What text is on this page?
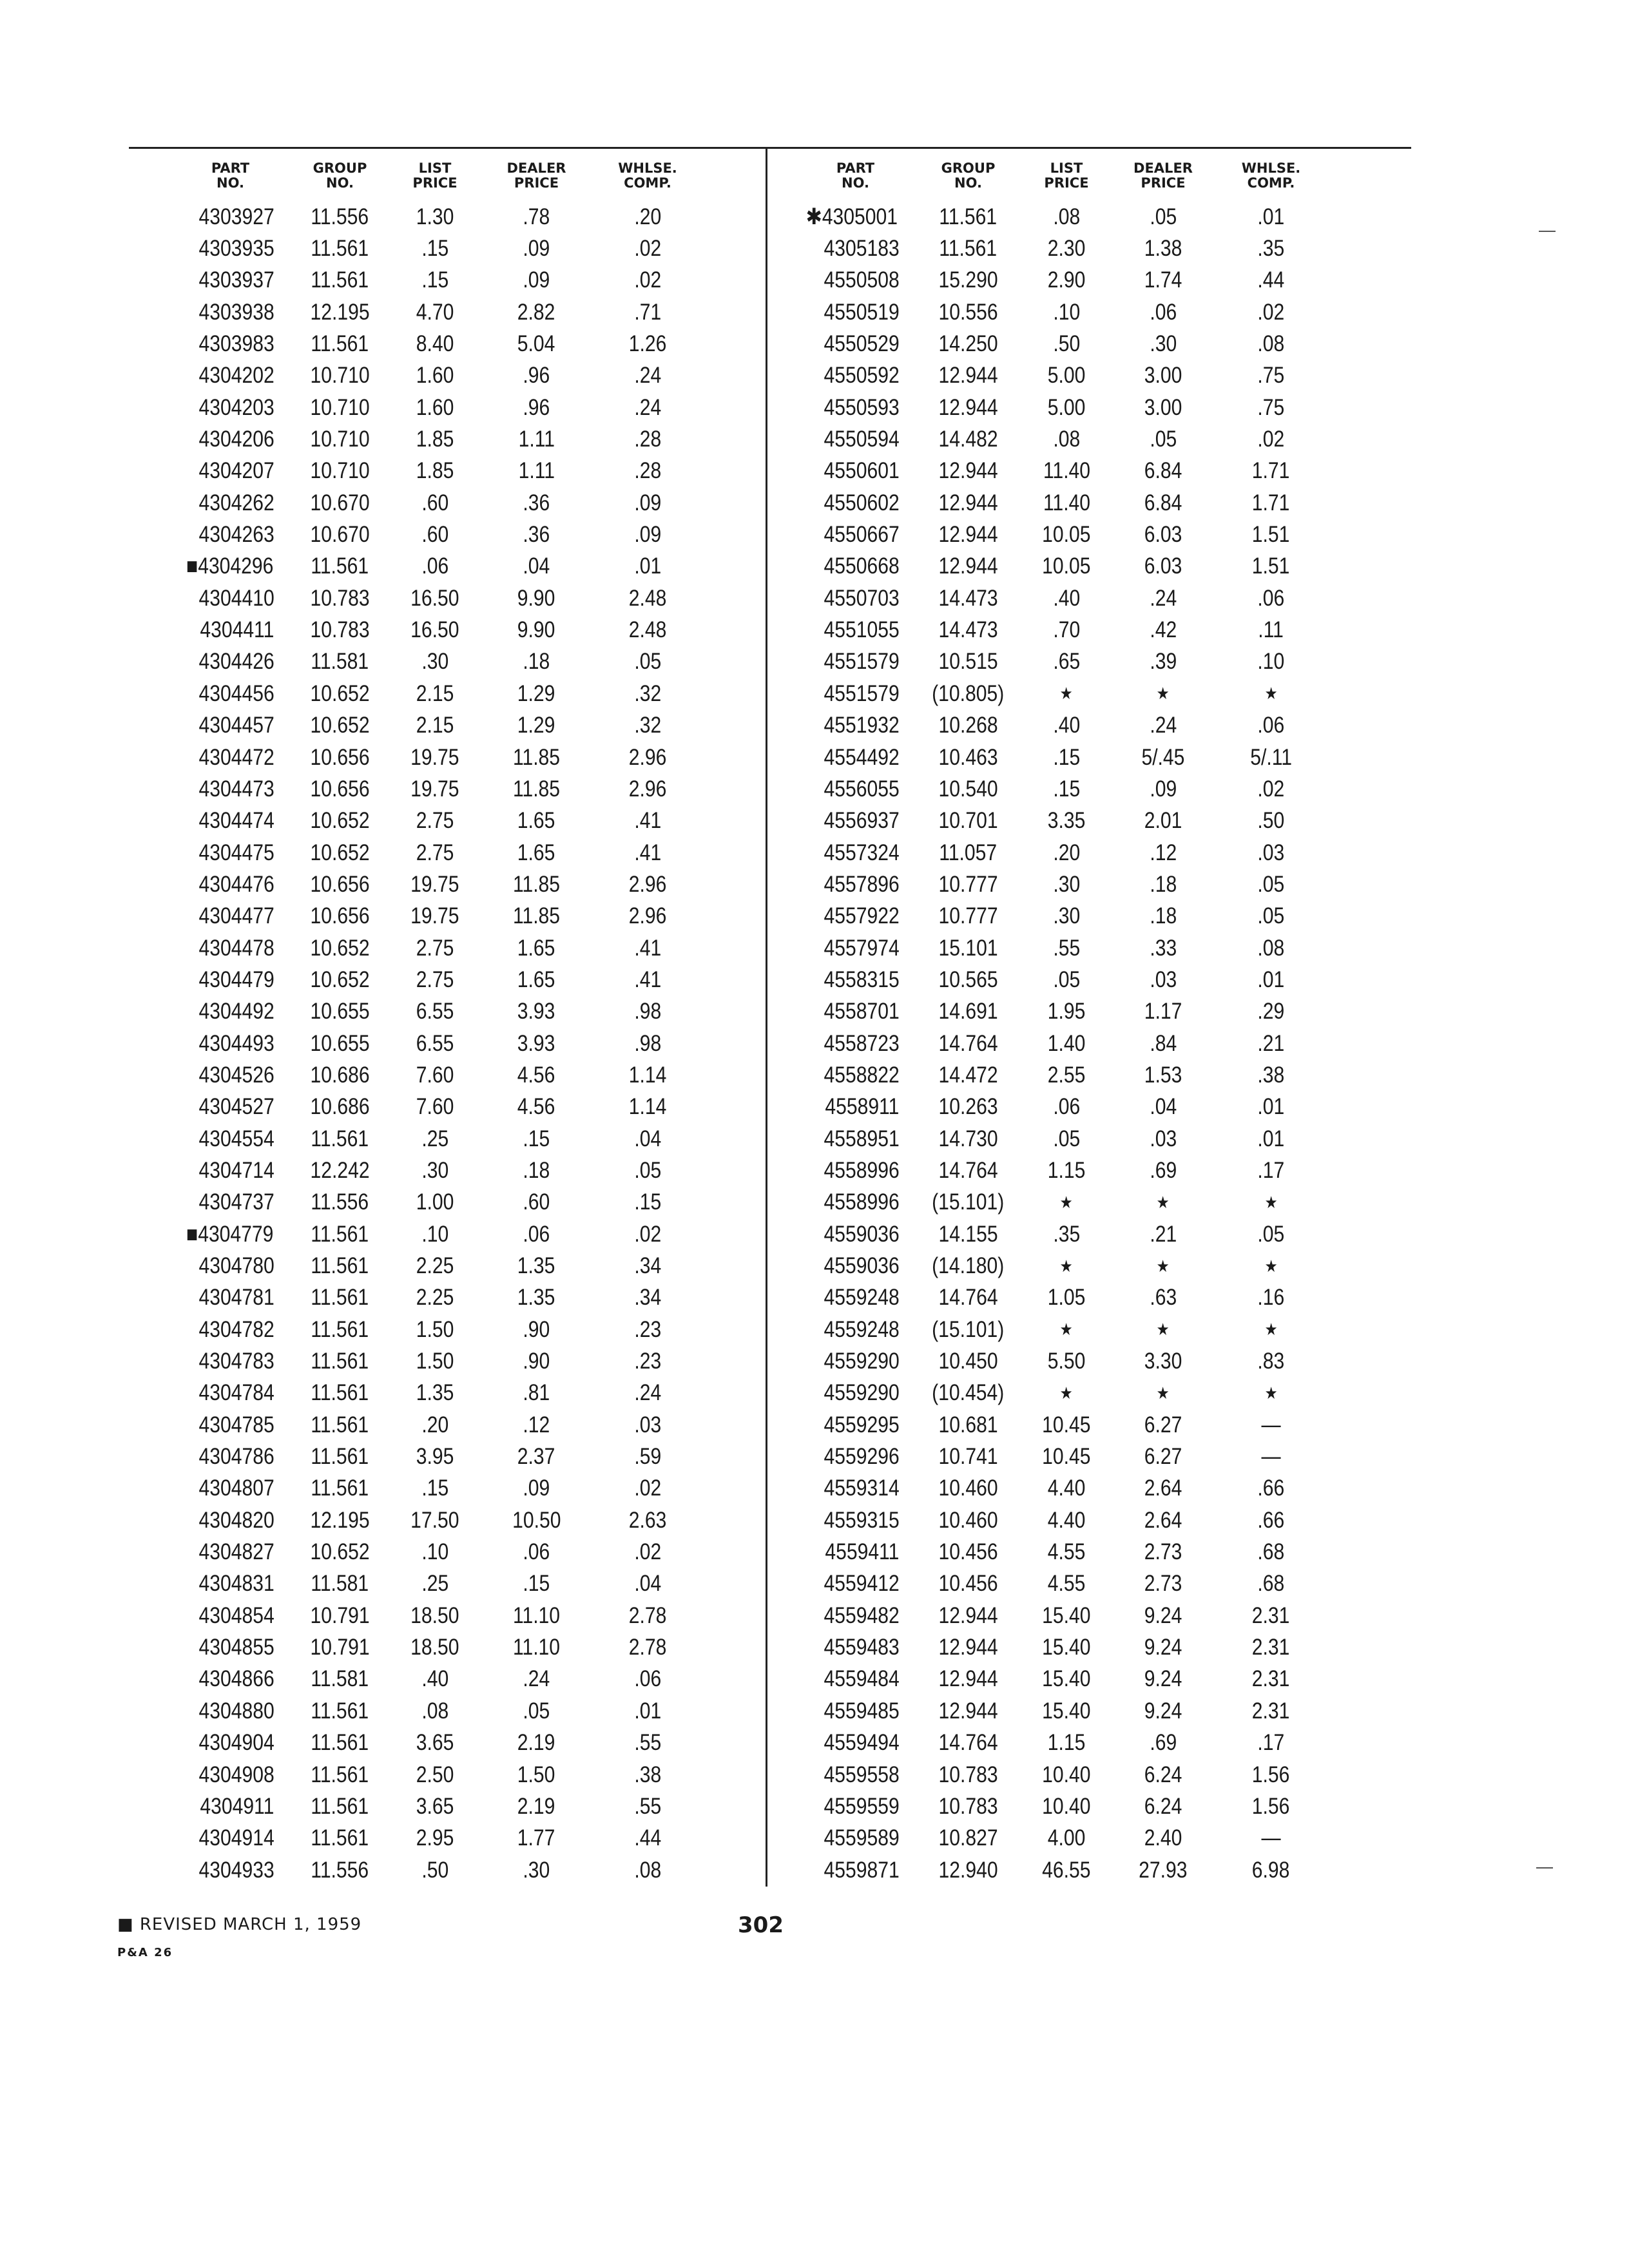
PART
NO.
GROUP
NO.
LIST
PRICE
DEALER
PRICE
WHLSE.
COMP.
4303927 11.556 1.30	.78	.20
4303935 11.561 .15	.09	.02
4303937 11.561 .15	.09	.02
4303938 12.195 4.70	2.82	.71
4303983 11.561 8.40	5.04	1.26
4304202 10.710 1.60	.96	.24
4304203 10.710 1.60	.96	.24
4304206 10.710 1.85	1.11	.28
4304207 10.710 1.85	1.11	.28
4304262 10.670 .60	.36	.09
4304263 10.670 .60	.36	.09
■4304296 11.561 .06	.04	.01
4304410 10.783 16.50	9.90	2.48
4304411 10.783 16.50	9.90	2.48
4304426 11.581 .30	.18	.05
4304456 10.652 2.15	1.29	.32
4304457 10.652 2.15	1.29	.32
4304472 10.656 19.75 11.85	2.96
4304473 10.656 19.75 11.85	2.96
4304474 10.652 2.75	1.65	.41
4304475 10.652 2.75	1.65	.41
4304476 10.656 19.75 11.85	2.96
4304477 10.656 19.75 11.85	2.96
4304478 10.652 2.75	1.65	.41
4304479 10.652 2.75	1.65	.41
4304492 10.655 6.55	3.93	.98
4304493 10.655 6.55	3.93	.98
4304526 10.686 7.60	4.56	1.14
4304527 10.686 7.60	4.56	1.14
4304554 11.561 .25	.15	.04
4304714 12.242 .30	.18	.05
4304737 11.556 1.00	.60	.15
■4304779 11.561 .10	.06	.02
4304780 11.561 2.25	1.35	.34
4304781 11.561 2.25	1.35	.34
4304782 11.561 1.50	.90	.23
4304783 11.561 1.50	.90	.23
4304784 11.561 1.35	.81	.24
4304785 11.561 .20	.12	.03
4304786 11.561 3.95	2.37	.59
4304807 11.561 .15	.09	.02
4304820 12.195 17.50 10.50	2.63
4304827 10.652 .10	.06	.02
4304831 11.581 .25	.15	.04
4304854 10.791 18.50 11.10	2.78
4304855 10.791 18.50 11.10	2.78
4304866 11.581 .40	.24	.06
4304880 11.561 .08	.05	.01
4304904 11.561 3.65	2.19	.55
4304908 11.561 2.50	1.50	.38
4304911 11.561 3.65	2.19	.55
4304914 11.561 2.95	1.77	.44
4304933 11.556 .50	.30	.08
PART
NO.
GROUP
NO.
LIST
PRICE
DEALER
PRICE
WHLSE.
COMP.
✱4305001 11.561 .08	.05	.01
4305183 11.561 2.30	1.38	.35
4550508 15.290 2.90	1.74	.44
4550519 10.556 .10	.06	.02
4550529 14.250 .50	.30	.08
4550592 12.944 5.00	3.00	.75
4550593 12.944 5.00	3.00	.75
4550594 14.482 .08	.05	.02
4550601 12.944 11.40 6.84	1.71
4550602 12.944 11.40 6.84	1.71
4550667 12.944 10.05 6.03	1.51
4550668 12.944 10.05 6.03	1.51
4550703 14.473 .40	.24	.06
4551055 14.473 .70	.42	.11
4551579 10.515 .65	.39	.10
4551579 (10.805)	★	★	★
4551932 10.268 .40	.24	.06
4554492 10.463 .15	5/.45	5/.11
4556055 10.540 .15	.09	.02
4556937 10.701 3.35	2.01	.50
4557324 11.057 .20	.12	.03
4557896 10.777 .30	.18	.05
4557922 10.777 .30	.18	.05
4557974 15.101 .55	.33	.08
4558315 10.565 .05	.03	.01
4558701 14.691 1.95	1.17	.29
4558723 14.764 1.40	.84	.21
4558822 14.472 2.55	1.53	.38
4558911 10.263 .06	.04	.01
4558951 14.730 .05	.03	.01
4558996 14.764 1.15	.69	.17
4558996 (15.101)	★	★	★
4559036 14.155 .35	.21	.05
4559036 (14.180)	★	★	★
4559248 14.764 1.05	.63	.16
4559248 (15.101)	★	★	★
4559290 10.450 5.50	3.30	.83
4559290 (10.454)	★	★	★
4559295 10.681 10.45 6.27	—
4559296 10.741 10.45 6.27	—
4559314 10.460 4.40	2.64	.66
4559315 10.460 4.40	2.64	.66
4559411 10.456 4.55	2.73	.68
4559412 10.456 4.55	2.73	.68
4559482 12.944 15.40 9.24	2.31
4559483 12.944 15.40 9.24	2.31
4559484 12.944 15.40 9.24	2.31
4559485 12.944 15.40 9.24	2.31
4559494 14.764 1.15	.69	.17
4559558 10.783 10.40 6.24	1.56
4559559 10.783 10.40 6.24	1.56
4559589 10.827 4.00	2.40	—
4559871 12.940 46.55 27.93	6.98
■ REVISED MARCH 1, 1959
P&A 26
302
